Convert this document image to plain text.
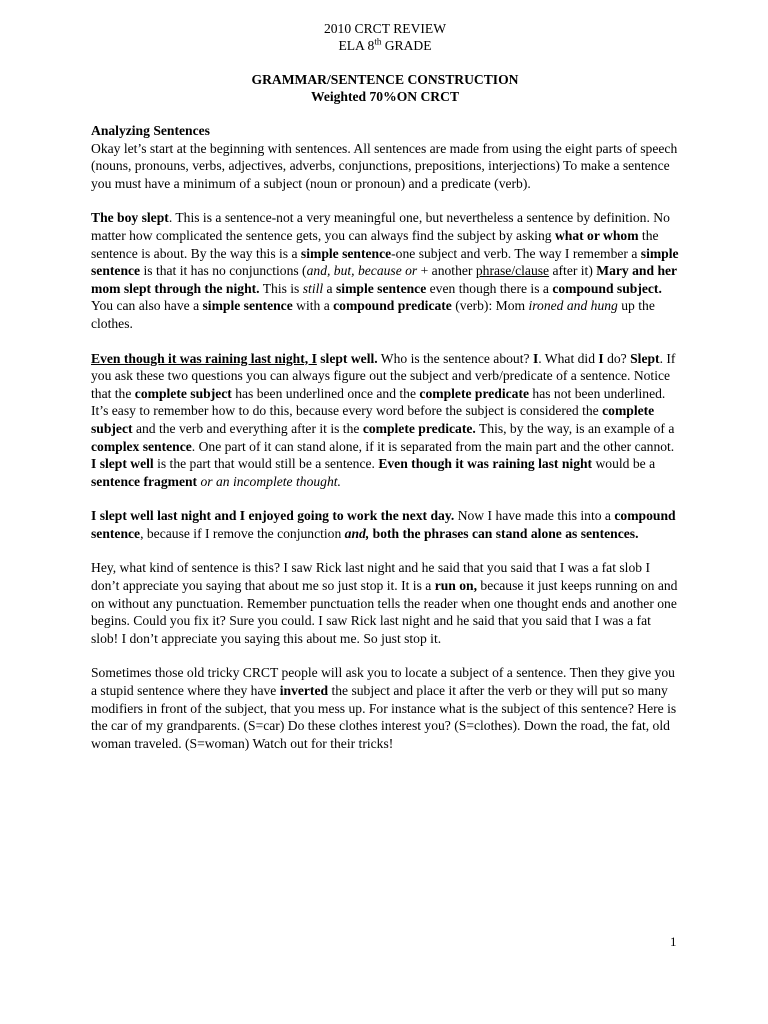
2010 CRCT REVIEW
ELA 8th GRADE
GRAMMAR/SENTENCE CONSTRUCTION
Weighted 70%ON CRCT
Analyzing Sentences

Okay let’s start at the beginning with sentences. All sentences are made from using the eight parts of speech (nouns, pronouns, verbs, adjectives, adverbs, conjunctions, prepositions, interjections) To make a sentence you must have a minimum of a subject (noun or pronoun) and a predicate (verb).

The boy slept. This is a sentence-not a very meaningful one, but nevertheless a sentence by definition. No matter how complicated the sentence gets, you can always find the subject by asking what or whom the sentence is about. By the way this is a simple sentence-one subject and verb. The way I remember a simple sentence is that it has no conjunctions (and, but, because or + another phrase/clause after it) Mary and her mom slept through the night. This is still a simple sentence even though there is a compound subject. You can also have a simple sentence with a compound predicate (verb): Mom ironed and hung up the clothes.

Even though it was raining last night, I slept well. Who is the sentence about? I. What did I do? Slept. If you ask these two questions you can always figure out the subject and verb/predicate of a sentence. Notice that the complete subject has been underlined once and the complete predicate has not been underlined. It’s easy to remember how to do this, because every word before the subject is considered the complete subject and the verb and everything after it is the complete predicate. This, by the way, is an example of a complex sentence. One part of it can stand alone, if it is separated from the main part and the other cannot. I slept well is the part that would still be a sentence. Even though it was raining last night would be a sentence fragment or an incomplete thought.

I slept well last night and I enjoyed going to work the next day. Now I have made this into a compound sentence, because if I remove the conjunction and, both the phrases can stand alone as sentences.

Hey, what kind of sentence is this? I saw Rick last night and he said that you said that I was a fat slob I don’t appreciate you saying that about me so just stop it. It is a run on, because it just keeps running on and on without any punctuation. Remember punctuation tells the reader when one thought ends and another one begins. Could you fix it? Sure you could. I saw Rick last night and he said that you said that I was a fat slob! I don’t appreciate you saying this about me. So just stop it.

Sometimes those old tricky CRCT people will ask you to locate a subject of a sentence. Then they give you a stupid sentence where they have inverted the subject and place it after the verb or they will put so many modifiers in front of the subject, that you mess up. For instance what is the subject of this sentence? Here is the car of my grandparents. (S=car) Do these clothes interest you? (S=clothes). Down the road, the fat, old woman traveled. (S=woman) Watch out for their tricks!

1
